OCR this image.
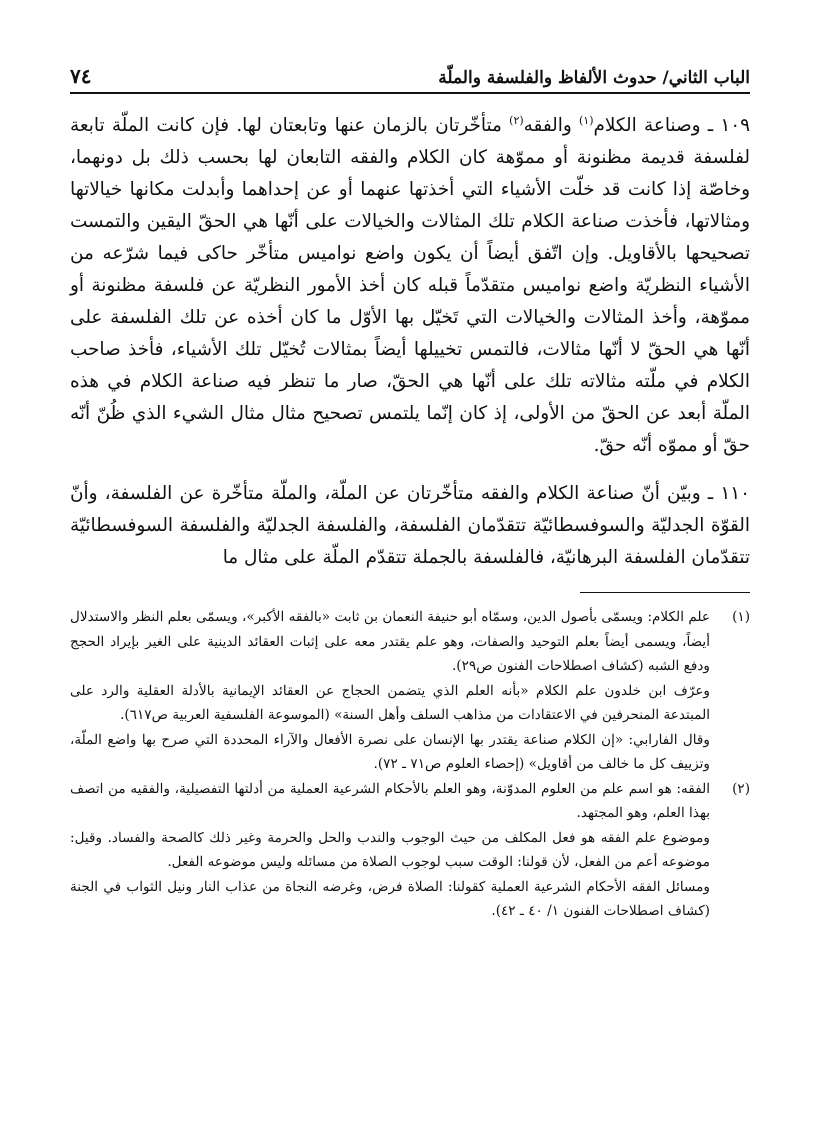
الباب الثاني/ حدوث الألفاظ والفلسفة والملّة
٧٤

١٠٩ ـ وصناعة الكلام$^{(١)}$ والفقه$^{(٢)}$ متأخّرتان بالزمان عنها وتابعتان لها. فإن كانت الملّة تابعة لفلسفة قديمة مظنونة أو مموّهة كان الكلام والفقه التابعان لها بحسب ذلك بل دونهما، وخاصّة إذا كانت قد خلّت الأشياء التي أخذتها عنهما أو عن إحداهما وأبدلت مكانها خيالاتها ومثالاتها، فأخذت صناعة الكلام تلك المثالات والخيالات على أنّها هي الحقّ اليقين والتمست تصحيحها بالأقاويل. وإن اتّفق أيضاً أن يكون واضع نواميس متأخّر حاكى فيما شرّعه من الأشياء النظريّة واضع نواميس متقدّماً قبله كان أخذ الأمور النظريّة عن فلسفة مظنونة أو مموّهة، وأخذ المثالات والخيالات التي تَخيّل بها الأوّل ما كان أخذه عن تلك الفلسفة على أنّها هي الحقّ لا أنّها مثالات، فالتمس تخييلها أيضاً بمثالات تُخيّل تلك الأشياء، فأخذ صاحب الكلام في ملّته مثالاته تلك على أنّها هي الحقّ، صار ما تنظر فيه صناعة الكلام في هذه الملّة أبعد عن الحقّ من الأولى، إذ كان إنّما يلتمس تصحيح مثال مثال الشيء الذي ظُنّ أنّه حقّ أو مموّه أنّه حقّ.

١١٠ ـ وبيّن أنّ صناعة الكلام والفقه متأخّرتان عن الملّة، والملّة متأخّرة عن الفلسفة، وأنّ القوّة الجدليّة والسوفسطائيّة تتقدّمان الفلسفة، والفلسفة الجدليّة والفلسفة السوفسطائيّة تتقدّمان الفلسفة البرهانيّة، فالفلسفة بالجملة تتقدّم الملّة على مثال ما

(١)
علم الكلام: ويسمّى بأصول الدين، وسمّاه أبو حنيفة النعمان بن ثابت «بالفقه الأكبر»، ويسمّى بعلم النظر والاستدلال أيضاً، ويسمى أيضاً بعلم التوحيد والصفات، وهو علم يقتدر معه على إثبات العقائد الدينية على الغير بإيراد الحجج ودفع الشبه (كشاف اصطلاحات الفنون ص٢٩).
وعرّف ابن خلدون علم الكلام «بأنه العلم الذي يتضمن الحجاج عن العقائد الإيمانية بالأدلة العقلية والرد على المبتدعة المنحرفين في الاعتقادات من مذاهب السلف وأهل السنة» (الموسوعة الفلسفية العربية ص٦١٧).
وقال الفارابي: «إن الكلام صناعة يقتدر بها الإنسان على نصرة الأفعال والآراء المحددة التي صرح بها واضع الملّة، وتزييف كل ما خالف من أقاويل» (إحصاء العلوم ص٧١ ـ ٧٢).
(٢)
الفقه: هو اسم علم من العلوم المدوّنة، وهو العلم بالأحكام الشرعية العملية من أدلتها التفصيلية، والفقيه من اتصف بهذا العلم، وهو المجتهد.
وموضوع علم الفقه هو فعل المكلف من حيث الوجوب والندب والحل والحرمة وغير ذلك كالصحة والفساد. وقيل: موضوعه أعم من الفعل، لأن قولنا: الوقت سبب لوجوب الصلاة من مسائله وليس موضوعه الفعل.
ومسائل الفقه الأحكام الشرعية العملية كقولنا: الصلاة فرض، وغرضه النجاة من عذاب النار ونيل الثواب في الجنة (كشاف اصطلاحات الفنون ١/ ٤٠ ـ ٤٢).
